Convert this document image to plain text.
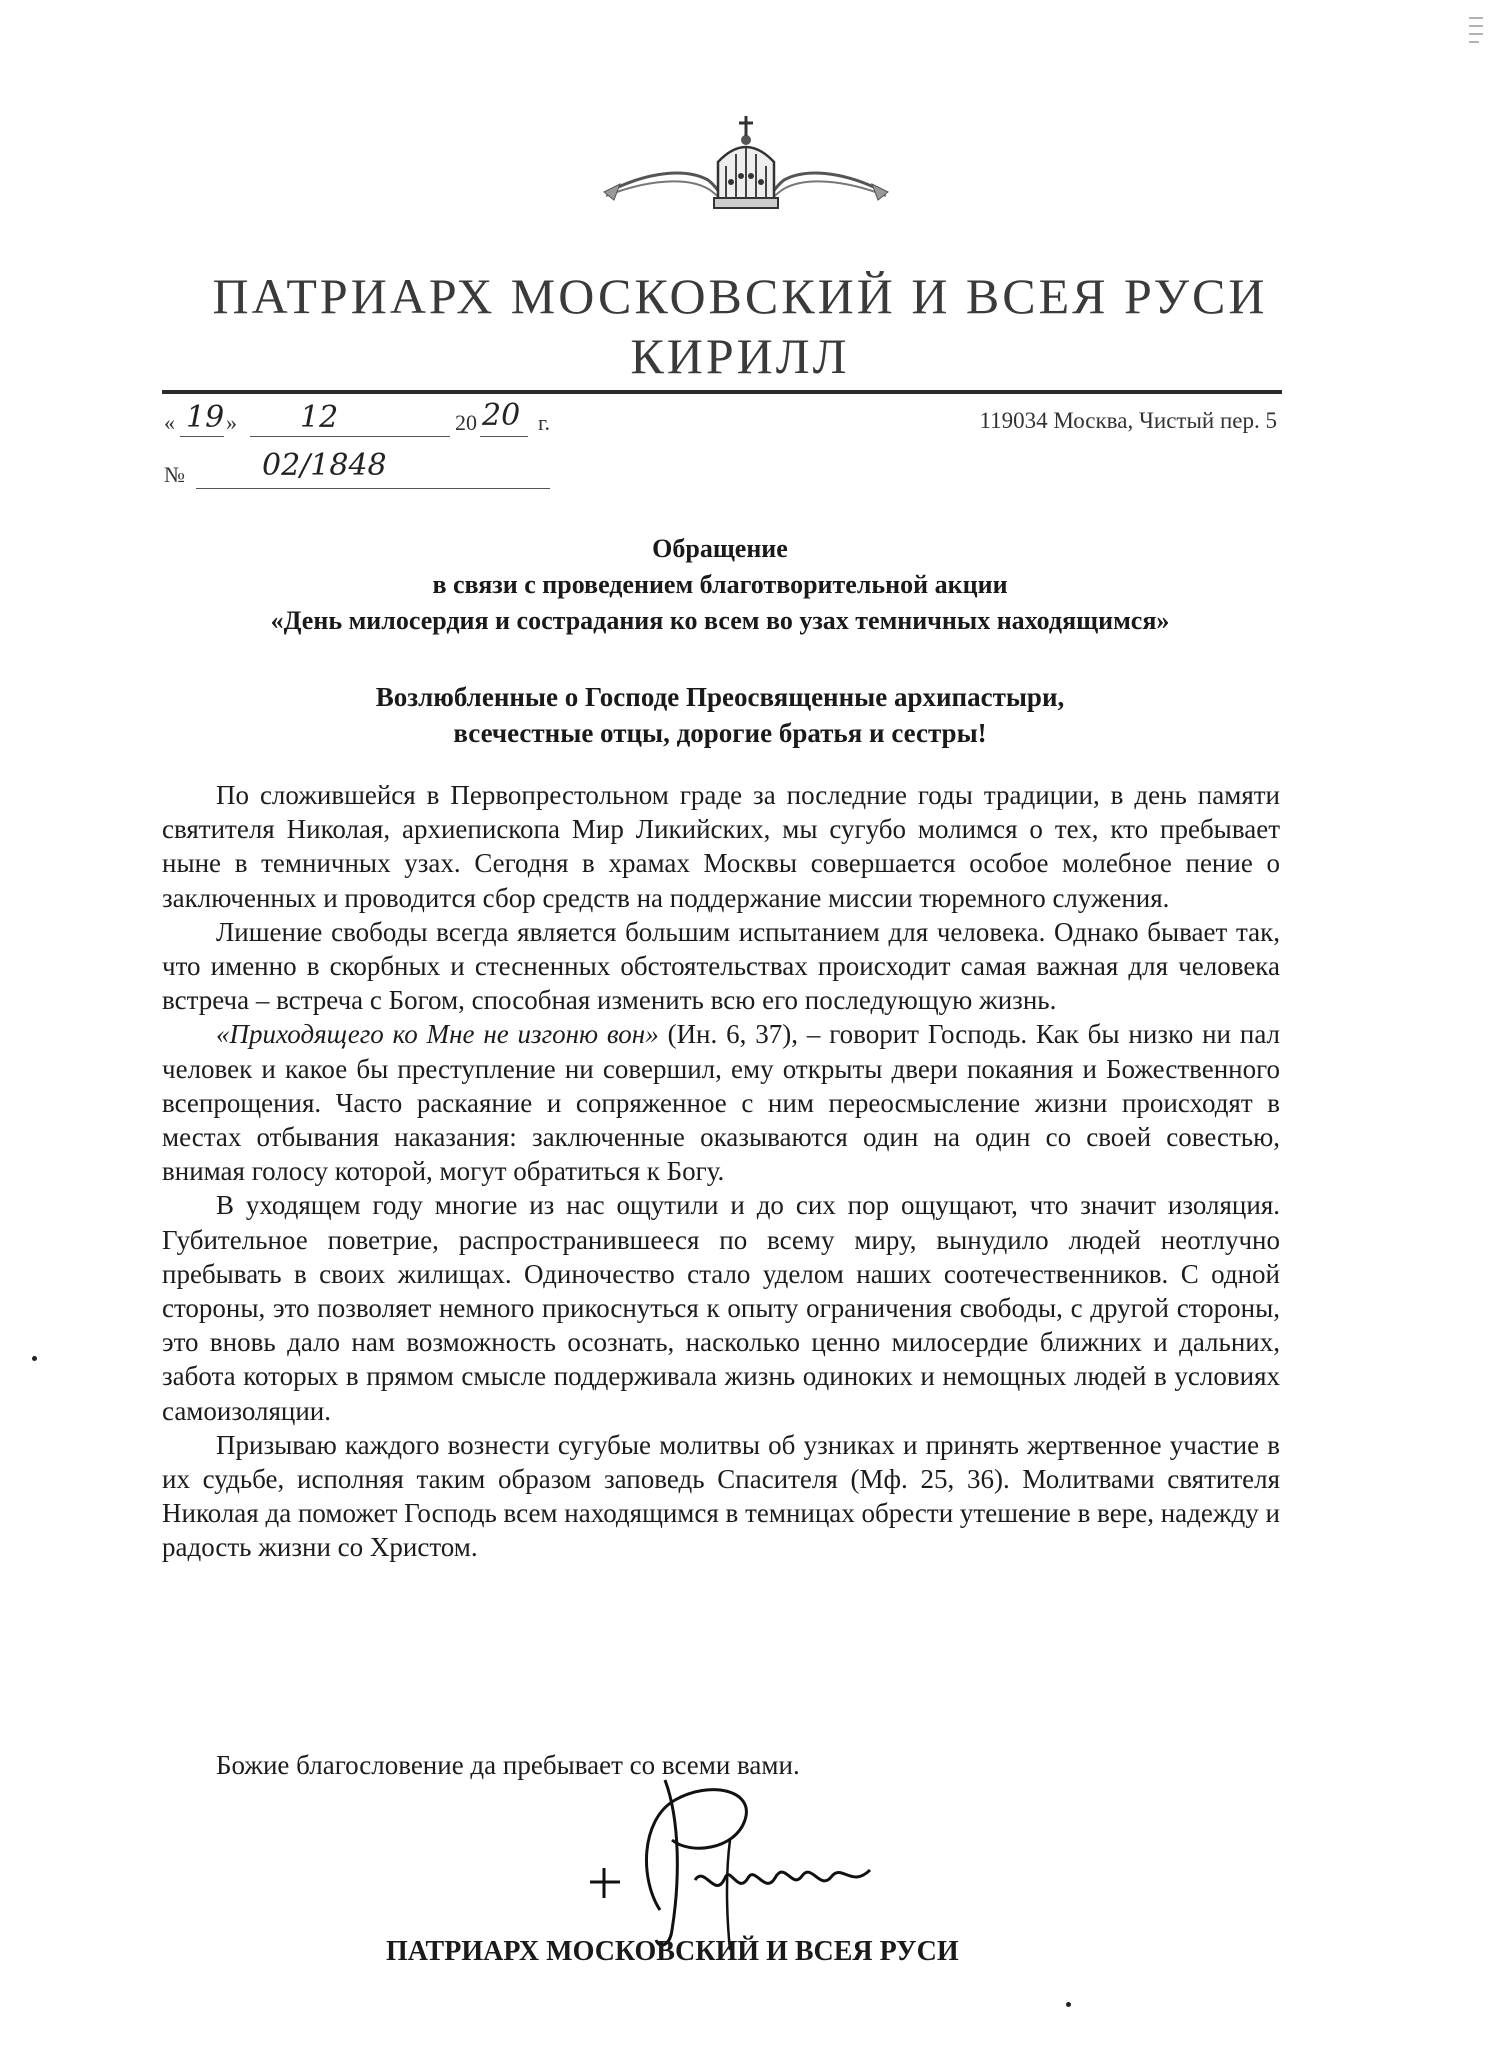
ПАТРИАРХ МОСКОВСКИЙ И ВСЕЯ РУСИ
КИРИЛЛ
« 19 » 12	20 20 г.	119034 Москва, Чистый пер. 5
№	02/1848
Обращение
в связи с проведением благотворительной акции
«День милосердия и сострадания ко всем во узах темничных находящимся»
Возлюбленные о Господе Преосвященные архипастыри,
всечестные отцы, дорогие братья и сестры!

По сложившейся в Первопрестольном граде за последние годы традиции, в день памяти святителя Николая, архиепископа Мир Ликийских, мы сугубо молимся о тех, кто пребывает ныне в темничных узах. Сегодня в храмах Москвы совершается особое молебное пение о заключенных и проводится сбор средств на поддержание миссии тюремного служения.

Лишение свободы всегда является большим испытанием для человека. Однако бывает так, что именно в скорбных и стесненных обстоятельствах происходит самая важная для человека встреча – встреча с Богом, способная изменить всю его последующую жизнь.

«Приходящего ко Мне не изгоню вон» (Ин. 6, 37), – говорит Господь. Как бы низко ни пал человек и какое бы преступление ни совершил, ему открыты двери покаяния и Божественного всепрощения. Часто раскаяние и сопряженное с ним переосмысление жизни происходят в местах отбывания наказания: заключенные оказываются один на один со своей совестью, внимая голосу которой, могут обратиться к Богу.

В уходящем году многие из нас ощутили и до сих пор ощущают, что значит изоляция. Губительное поветрие, распространившееся по всему миру, вынудило людей неотлучно пребывать в своих жилищах. Одиночество стало уделом наших соотечественников. С одной стороны, это позволяет немного прикоснуться к опыту ограничения свободы, с другой стороны, это вновь дало нам возможность осознать, насколько ценно милосердие ближних и дальних, забота которых в прямом смысле поддерживала жизнь одиноких и немощных людей в условиях самоизоляции.

Призываю каждого вознести сугубые молитвы об узниках и принять жертвенное участие в их судьбе, исполняя таким образом заповедь Спасителя (Мф. 25, 36). Молитвами святителя Николая да поможет Господь всем находящимся в темницах обрести утешение в вере, надежду и радость жизни со Христом.

Божие благословение да пребывает со всеми вами.
ПАТРИАРХ МОСКОВСКИЙ И ВСЕЯ РУСИ
